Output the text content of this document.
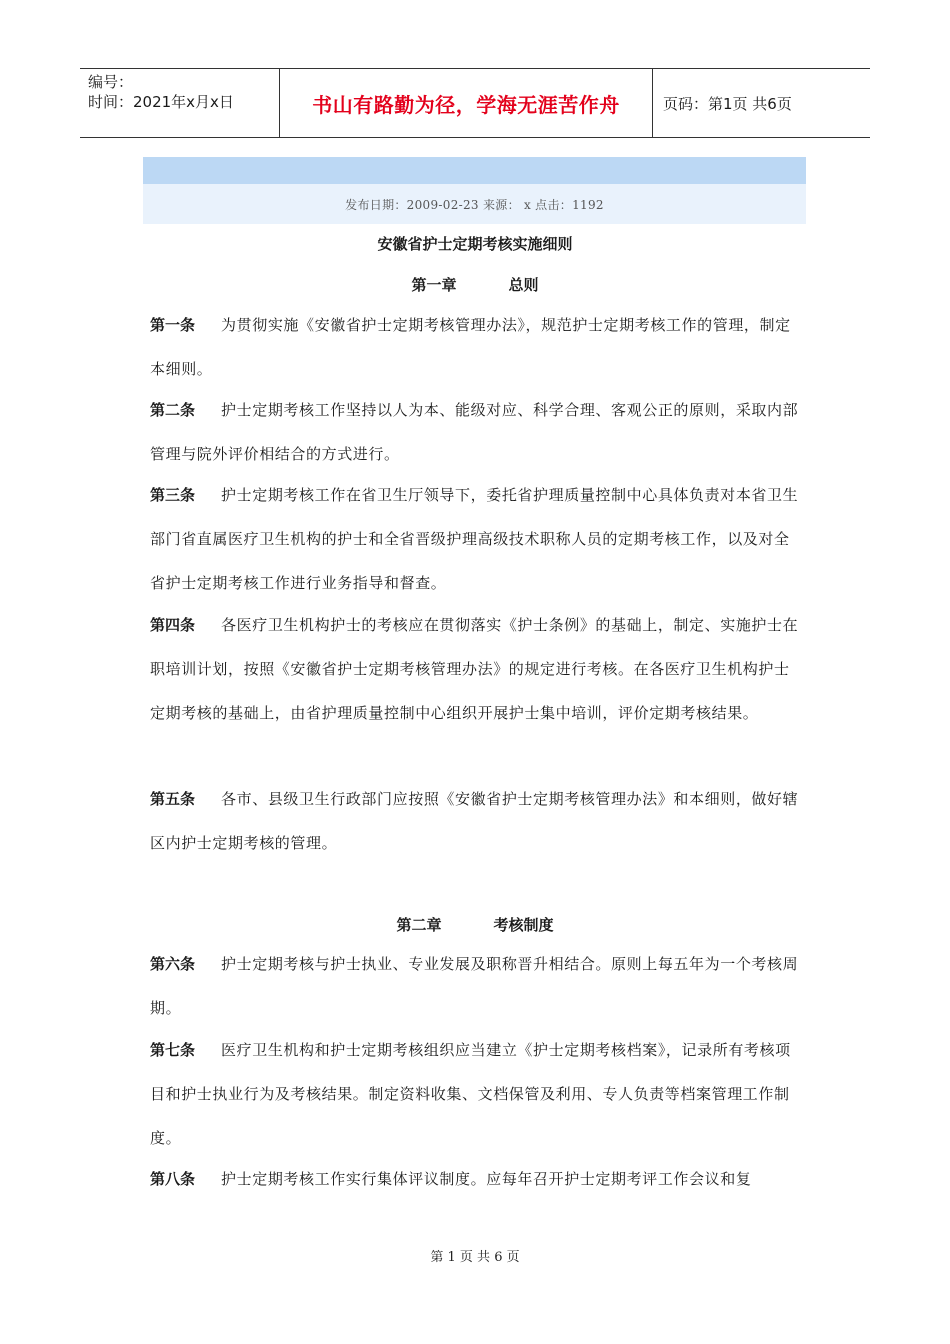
编号：
时间：2021年x月x日	书山有路勤为径，学海无涯苦作舟	页码：第1页 共6页
发布日期：2009-02-23 来源： x 点击：1192
安徽省护士定期考核实施细则
第一章	总则
第一条 为贯彻实施《安徽省护士定期考核管理办法》，规范护士定期考核工作的管理，制定本细则。
第二条 护士定期考核工作坚持以人为本、能级对应、科学合理、客观公正的原则，采取内部管理与院外评价相结合的方式进行。
第三条 护士定期考核工作在省卫生厅领导下，委托省护理质量控制中心具体负责对本省卫生部门省直属医疗卫生机构的护士和全省晋级护理高级技术职称人员的定期考核工作，以及对全省护士定期考核工作进行业务指导和督查。
第四条 各医疗卫生机构护士的考核应在贯彻落实《护士条例》的基础上，制定、实施护士在职培训计划，按照《安徽省护士定期考核管理办法》的规定进行考核。在各医疗卫生机构护士定期考核的基础上，由省护理质量控制中心组织开展护士集中培训，评价定期考核结果。
第五条 各市、县级卫生行政部门应按照《安徽省护士定期考核管理办法》和本细则，做好辖区内护士定期考核的管理。
第二章	考核制度
第六条 护士定期考核与护士执业、专业发展及职称晋升相结合。原则上每五年为一个考核周期。
第七条 医疗卫生机构和护士定期考核组织应当建立《护士定期考核档案》，记录所有考核项目和护士执业行为及考核结果。制定资料收集、文档保管及利用、专人负责等档案管理工作制度。
第八条 护士定期考核工作实行集体评议制度。应每年召开护士定期考评工作会议和复
第 1 页 共 6 页
